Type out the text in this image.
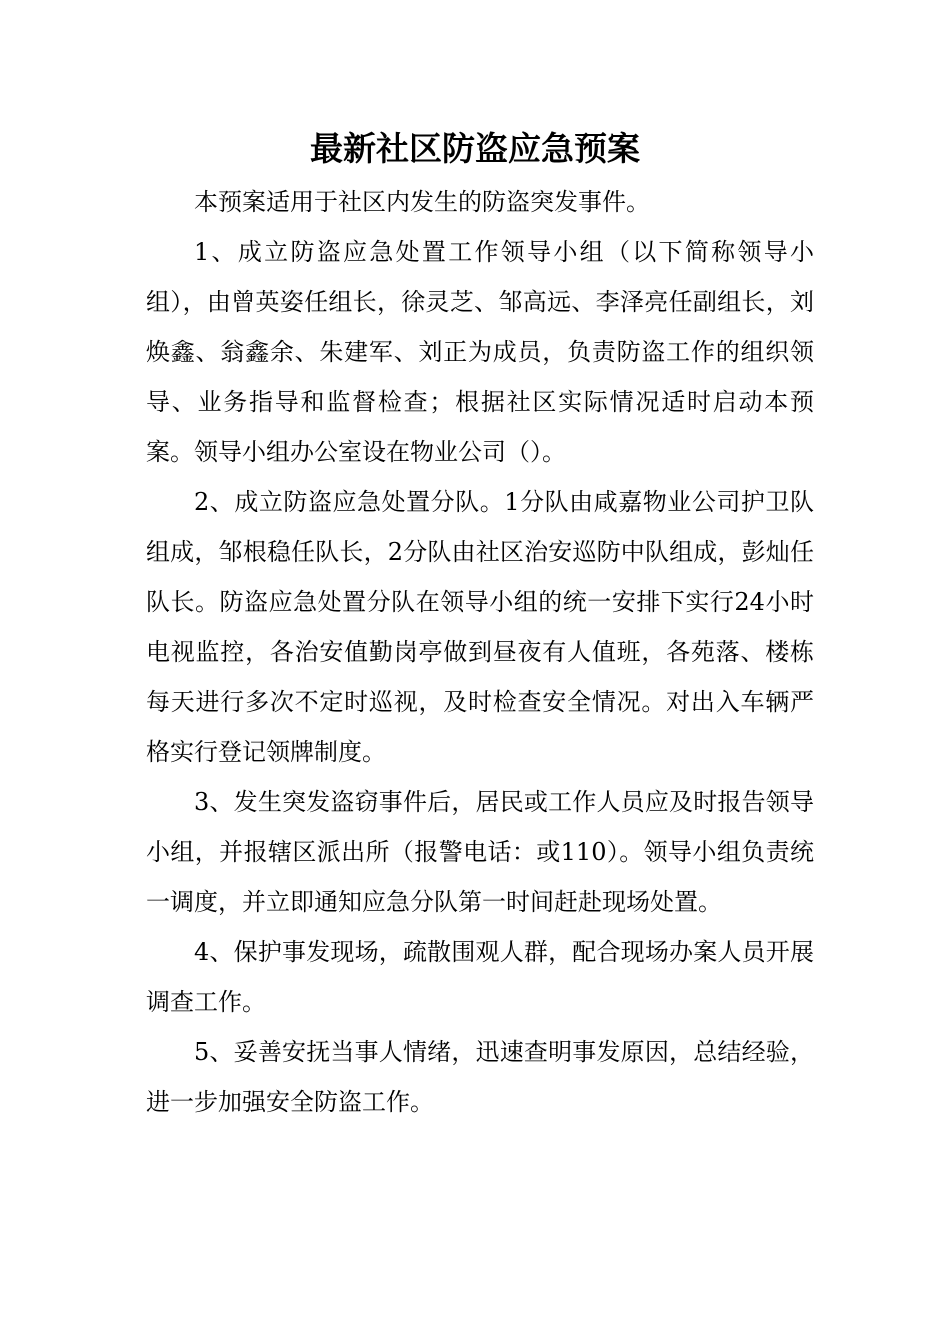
最新社区防盗应急预案

本预案适用于社区内发生的防盗突发事件。

1、成立防盗应急处置工作领导小组（以下简称领导小组），由曾英姿任组长，徐灵芝、邹高远、李泽亮任副组长，刘焕鑫、翁鑫余、朱建军、刘正为成员，负责防盗工作的组织领导、业务指导和监督检查；根据社区实际情况适时启动本预案。领导小组办公室设在物业公司（）。

2、成立防盗应急处置分队。1分队由咸嘉物业公司护卫队组成，邹根稳任队长，2分队由社区治安巡防中队组成，彭灿任队长。防盗应急处置分队在领导小组的统一安排下实行24小时电视监控，各治安值勤岗亭做到昼夜有人值班，各苑落、楼栋每天进行多次不定时巡视，及时检查安全情况。对出入车辆严格实行登记领牌制度。

3、发生突发盗窃事件后，居民或工作人员应及时报告领导小组，并报辖区派出所（报警电话：或110）。领导小组负责统一调度，并立即通知应急分队第一时间赶赴现场处置。

4、保护事发现场，疏散围观人群，配合现场办案人员开展调查工作。

5、妥善安抚当事人情绪，迅速查明事发原因，总结经验，进一步加强安全防盗工作。
